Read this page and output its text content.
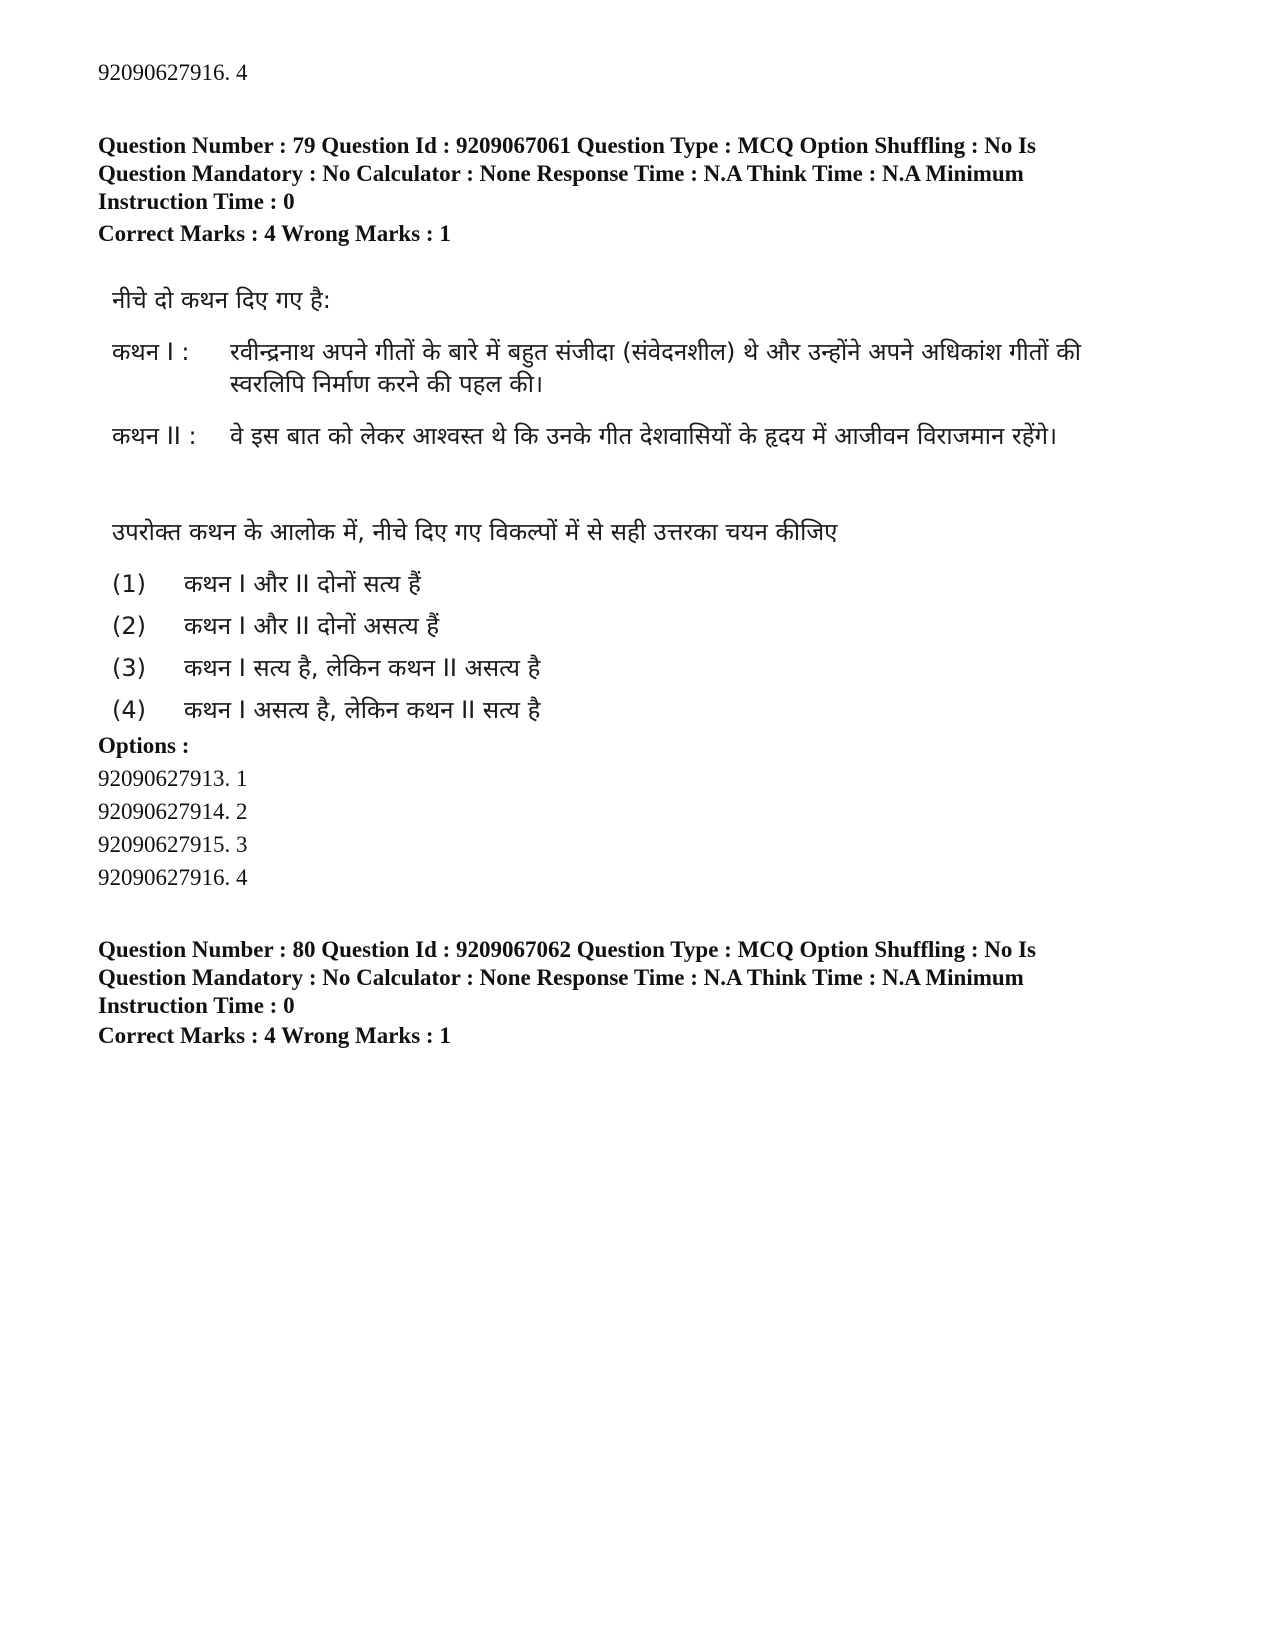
92090627916. 4
Question Number : 79 Question Id : 9209067061 Question Type : MCQ Option Shuffling : No Is
Question Mandatory : No Calculator : None Response Time : N.A Think Time : N.A Minimum
Instruction Time : 0
Correct Marks : 4 Wrong Marks : 1
नीचे दो कथन दिए गए है:
कथन I : रवीन्द्रनाथ अपने गीतों के बारे में बहुत संजीदा (संवेदनशील) थे और उन्होंने अपने अधिकांश गीतों की स्वरलिपि निर्माण करने की पहल की।
कथन II : वे इस बात को लेकर आश्वस्त थे कि उनके गीत देशवासियों के हृदय में आजीवन विराजमान रहेंगे।
उपरोक्त कथन के आलोक में, नीचे दिए गए विकल्पों में से सही उत्तरका चयन कीजिए
(1) कथन I और II दोनों सत्य हैं
(2) कथन I और II दोनों असत्य हैं
(3) कथन I सत्य है, लेकिन कथन II असत्य है
(4) कथन I असत्य है, लेकिन कथन II सत्य है
Options :
92090627913. 1
92090627914. 2
92090627915. 3
92090627916. 4
Question Number : 80 Question Id : 9209067062 Question Type : MCQ Option Shuffling : No Is
Question Mandatory : No Calculator : None Response Time : N.A Think Time : N.A Minimum
Instruction Time : 0
Correct Marks : 4 Wrong Marks : 1
